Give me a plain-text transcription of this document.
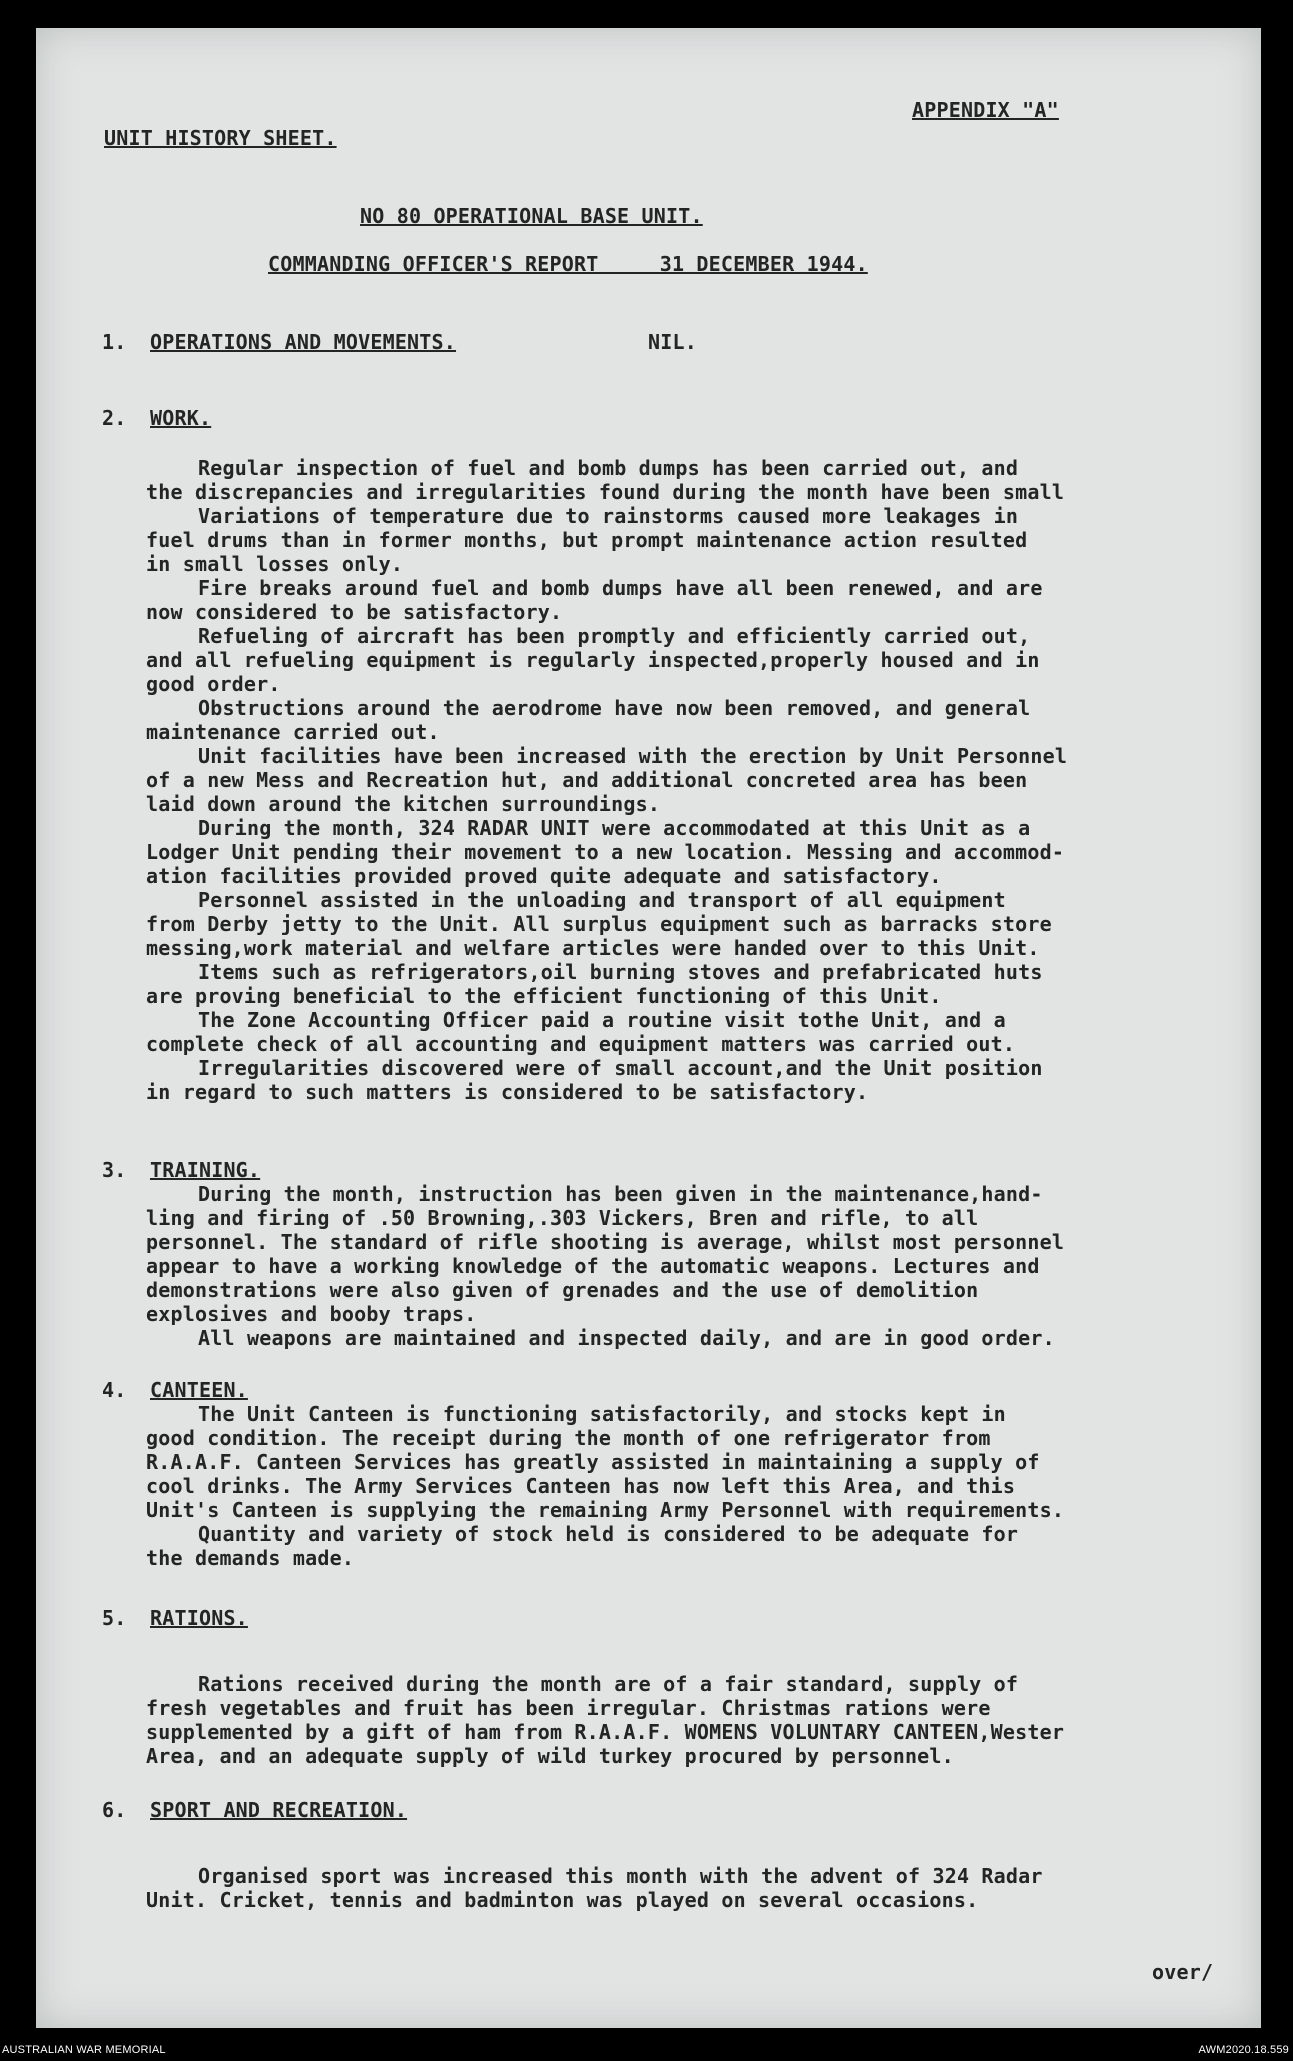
APPENDIX "A"
UNIT HISTORY SHEET.
NO 80 OPERATIONAL BASE UNIT.
COMMANDING OFFICER'S REPORT     31 DECEMBER 1944.
1. OPERATIONS AND MOVEMENTS.	NIL.
2. WORK.
Regular inspection of fuel and bomb dumps has been carried out, and
the discrepancies and irregularities found during the month have been small
Variations of temperature due to rainstorms caused more leakages in
fuel drums than in former months, but prompt maintenance action resulted
in small losses only.
Fire breaks around fuel and bomb dumps have all been renewed, and are
now considered to be satisfactory.
Refueling of aircraft has been promptly and efficiently carried out,
and all refueling equipment is regularly inspected,properly housed and in
good order.
Obstructions around the aerodrome have now been removed, and general
maintenance carried out.
Unit facilities have been increased with the erection by Unit Personnel
of a new Mess and Recreation hut, and additional concreted area has been
laid down around the kitchen surroundings.
During the month, 324 RADAR UNIT were accommodated at this Unit as a
Lodger Unit pending their movement to a new location. Messing and accommod-
ation facilities provided proved quite adequate and satisfactory.
Personnel assisted in the unloading and transport of all equipment
from Derby jetty to the Unit. All surplus equipment such as barracks store
messing,work material and welfare articles were handed over to this Unit.
Items such as refrigerators,oil burning stoves and prefabricated huts
are proving beneficial to the efficient functioning of this Unit.
The Zone Accounting Officer paid a routine visit tothe Unit, and a
complete check of all accounting and equipment matters was carried out.
Irregularities discovered were of small account,and the Unit position
in regard to such matters is considered to be satisfactory.
3. TRAINING.
During the month, instruction has been given in the maintenance,hand-
ling and firing of .50 Browning,.303 Vickers, Bren and rifle, to all
personnel. The standard of rifle shooting is average, whilst most personnel
appear to have a working knowledge of the automatic weapons. Lectures and
demonstrations were also given of grenades and the use of demolition
explosives and booby traps.
All weapons are maintained and inspected daily, and are in good order.
4. CANTEEN.
The Unit Canteen is functioning satisfactorily, and stocks kept in
good condition. The receipt during the month of one refrigerator from
R.A.A.F. Canteen Services has greatly assisted in maintaining a supply of
cool drinks. The Army Services Canteen has now left this Area, and this
Unit's Canteen is supplying the remaining Army Personnel with requirements.
Quantity and variety of stock held is considered to be adequate for
the demands made.
5. RATIONS.
Rations received during the month are of a fair standard, supply of
fresh vegetables and fruit has been irregular. Christmas rations were
supplemented by a gift of ham from R.A.A.F. WOMENS VOLUNTARY CANTEEN,Wester
Area, and an adequate supply of wild turkey procured by personnel.
6. SPORT AND RECREATION.
Organised sport was increased this month with the advent of 324 Radar
Unit. Cricket, tennis and badminton was played on several occasions.
over/
AUSTRALIAN WAR MEMORIAL	AWM2020.18.559
